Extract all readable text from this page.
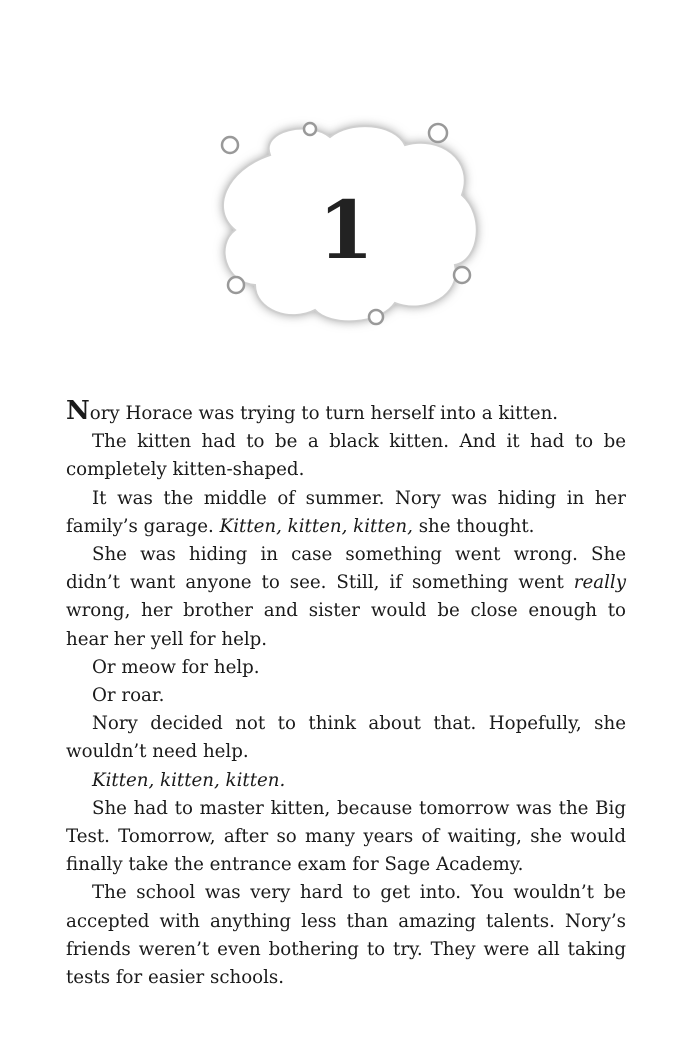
1

Nory Horace was trying to turn herself into a kitten.

The kitten had to be a black kitten. And it had to be completely kitten-shaped.

It was the middle of summer. Nory was hiding in her family’s garage. Kitten, kitten, kitten, she thought.

She was hiding in case something went wrong. She didn’t want anyone to see. Still, if something went really wrong, her brother and sister would be close enough to hear her yell for help.

Or meow for help.

Or roar.

Nory decided not to think about that. Hopefully, she wouldn’t need help.

Kitten, kitten, kitten.

She had to master kitten, because tomorrow was the Big Test. Tomorrow, after so many years of waiting, she would finally take the entrance exam for Sage Academy.

The school was very hard to get into. You wouldn’t be accepted with anything less than amazing talents. Nory’s friends weren’t even bothering to try. They were all taking tests for easier schools.
